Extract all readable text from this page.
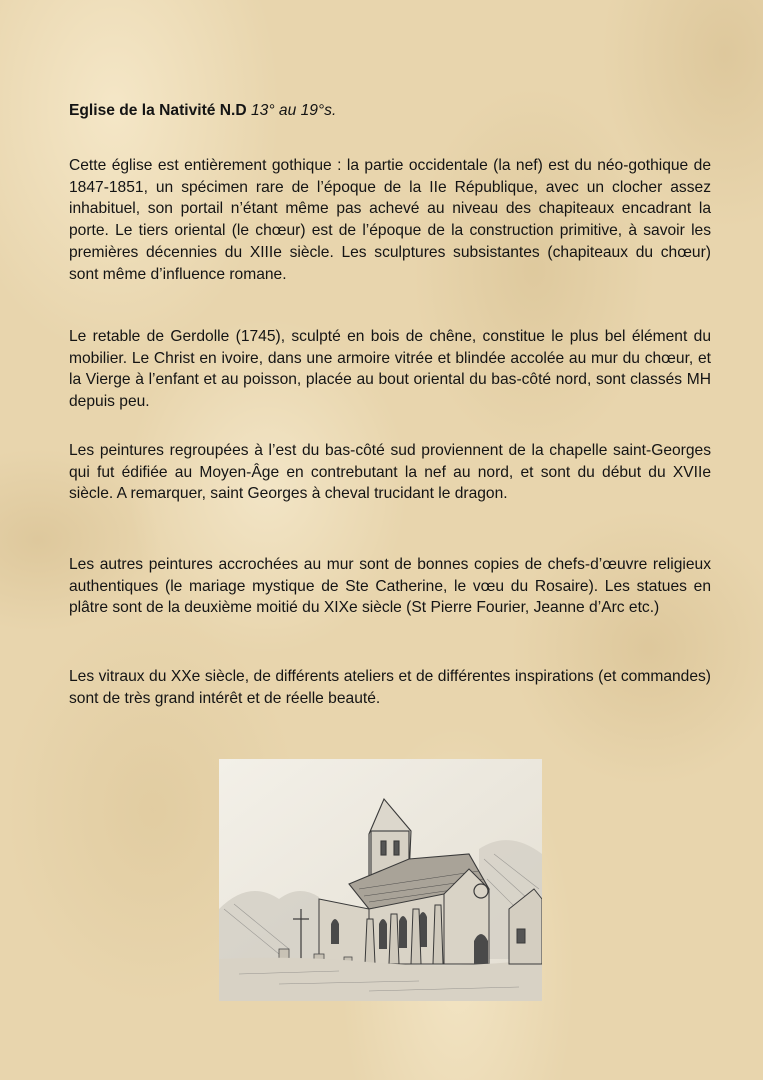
Eglise de la Nativité N.D 13° au 19°s.

Cette église est entièrement gothique : la partie occidentale (la nef) est du néo-gothique de 1847-1851, un spécimen rare de l’époque de la IIe République, avec un clocher assez inhabituel, son portail n’étant même pas achevé au niveau des chapiteaux encadrant la porte. Le tiers oriental (le chœur) est de l’époque de la construction primitive, à savoir les premières décennies du XIIIe siècle. Les sculptures subsistantes (chapiteaux du chœur) sont même d’influence romane.

Le retable de Gerdolle (1745), sculpté en bois de chêne, constitue le plus bel élément du mobilier. Le Christ en ivoire, dans une armoire vitrée et blindée accolée au mur du chœur, et la Vierge à l’enfant et au poisson, placée au bout oriental du bas-côté nord, sont classés MH depuis peu.

Les peintures regroupées à l’est du bas-côté sud proviennent de la chapelle saint-Georges qui fut édifiée au Moyen-Âge en contrebutant la nef au nord, et sont du début du XVIIe siècle. A remarquer, saint Georges à cheval trucidant le dragon.

Les autres peintures accrochées au mur sont de bonnes copies de chefs-d’œuvre religieux authentiques (le mariage mystique de Ste Catherine, le vœu du Rosaire). Les statues en plâtre sont de la deuxième moitié du XIXe siècle (St Pierre Fourier, Jeanne d’Arc etc.)

Les vitraux du XXe siècle, de différents ateliers et de différentes inspirations (et commandes) sont de très grand intérêt et de réelle beauté.
